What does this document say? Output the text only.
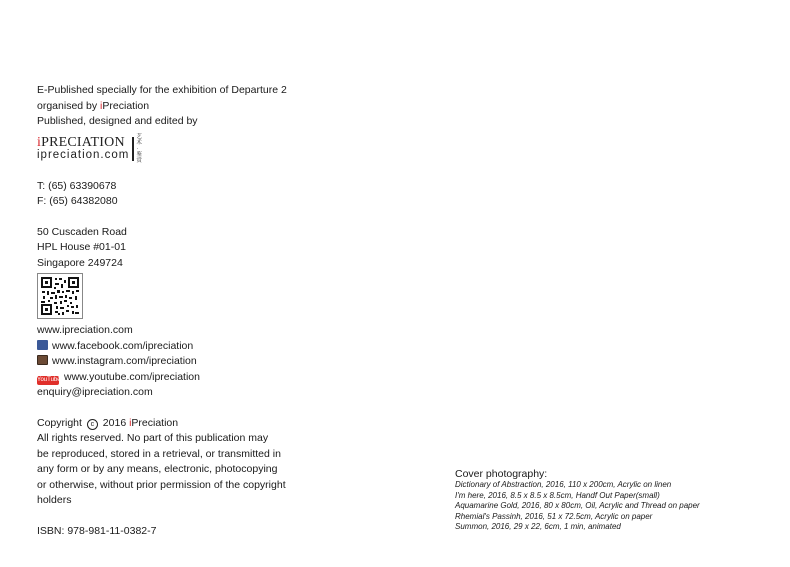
E-Published specially for the exhibition of Departure 2
organised by iPreciation
Published, designed and edited by
iPRECIATION
ipreciation.com
艺术·鉴赏
T: (65) 63390678
F: (65) 64382080
50 Cuscaden Road
HPL House #01-01
Singapore 249724
www.ipreciation.com
www.facebook.com/ipreciation
www.instagram.com/ipreciation
YouTube www.youtube.com/ipreciation
enquiry@ipreciation.com
Copyright c 2016 iPreciation
All rights reserved. No part of this publication may
be reproduced, stored in a retrieval, or transmitted in
any form or by any means, electronic, photocopying
or otherwise, without prior permission of the copyright
holders
ISBN: 978-981-11-0382-7
Cover photography:
Dictionary of Abstraction, 2016, 110 x 200cm, Acrylic on linen
I'm here, 2016, 8.5 x 8.5 x 8.5cm, Handf Out Paper(small)
Aquamarine Gold, 2016, 80 x 80cm, Oil, Acrylic and Thread on paper
Rhemial's Passinh, 2016, 51 x 72.5cm, Acrylic on paper
Summon, 2016, 29 x 22, 6cm, 1 min, animated
